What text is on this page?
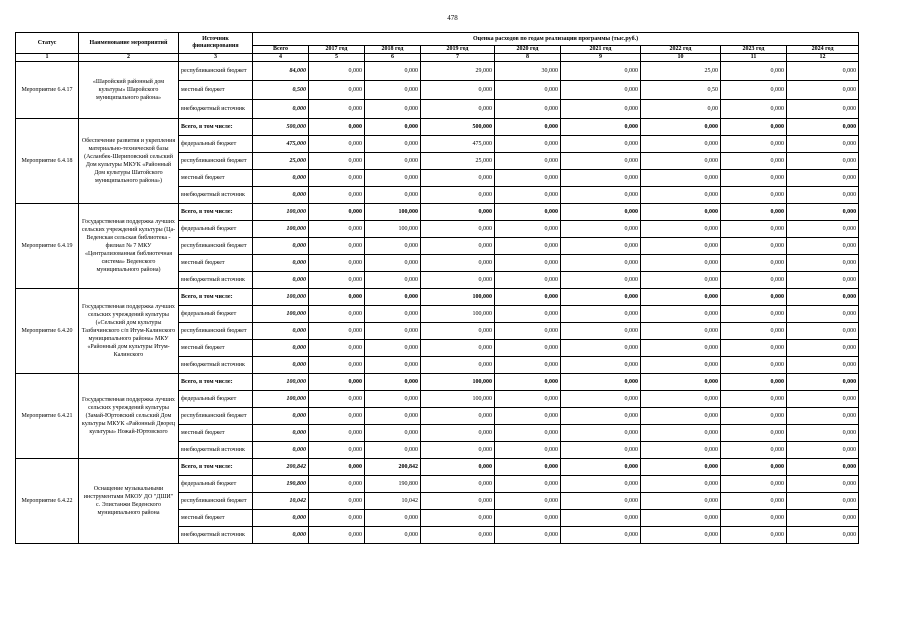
478
Статус	Наименование мероприятий	Источник финансирования	Оценка расходов по годам реализации программы (тыс.руб.)								
			Всего	2017 год	2018 год	2019 год	2020 год	2021 год	2022 год	2023 год	2024 год
1	2	3	4	5	6	7	8	9	10	11	12
Мероприятие 6.4.17	«Шаройский районный дом культуры» Шаройского муниципального района»	республиканский бюджет	84,000	0,000	0,000	29,000	30,000	0,000	25,00	0,000	0,000
		местный бюджет	0,500	0,000	0,000	0,000	0,000	0,000	0,50	0,000	0,000
		внебюджетный источник	0,000	0,000	0,000	0,000	0,000	0,000	0,00	0,000	0,000
Мероприятие 6.4.18	Обеспечение развития и укрепления материально-технической базы (Асланбек-Шериповский сельский Дом культуры МКУК «Районный Дом культуры Шатойского муниципального района»)	Всего, в том числе:	500,000	0,000	0,000	500,000	0,000	0,000	0,000	0,000	0,000
		федеральный бюджет	475,000	0,000	0,000	475,000	0,000	0,000	0,000	0,000	0,000
		республиканский бюджет	25,000	0,000	0,000	25,000	0,000	0,000	0,000	0,000	0,000
		местный бюджет	0,000	0,000	0,000	0,000	0,000	0,000	0,000	0,000	0,000
		внебюджетный источник	0,000	0,000	0,000	0,000	0,000	0,000	0,000	0,000	0,000
Мероприятие 6.4.19	Государственная поддержка лучших сельских учреждений культуры (Ца-Веденская сельская библиотека - филиал № 7 МКУ «Централизованная библиотечная система» Веденского муниципального района)	Всего, в том числе:	100,000	0,000	100,000	0,000	0,000	0,000	0,000	0,000	0,000
		федеральный бюджет	100,000	0,000	100,000	0,000	0,000	0,000	0,000	0,000	0,000
		республиканский бюджет	0,000	0,000	0,000	0,000	0,000	0,000	0,000	0,000	0,000
		местный бюджет	0,000	0,000	0,000	0,000	0,000	0,000	0,000	0,000	0,000
		внебюджетный источник	0,000	0,000	0,000	0,000	0,000	0,000	0,000	0,000	0,000
Мероприятие 6.4.20	Государственная поддержка лучших сельских учреждений культуры («Сельский дом культуры Тазбичинского с/п Итум-Калинского муниципального района» МКУ «Районный дом культуры Итум-Калинского	Всего, в том числе:	100,000	0,000	0,000	100,000	0,000	0,000	0,000	0,000	0,000
		федеральный бюджет	100,000	0,000	0,000	100,000	0,000	0,000	0,000	0,000	0,000
		республиканский бюджет	0,000	0,000	0,000	0,000	0,000	0,000	0,000	0,000	0,000
		местный бюджет	0,000	0,000	0,000	0,000	0,000	0,000	0,000	0,000	0,000
		внебюджетный источник	0,000	0,000	0,000	0,000	0,000	0,000	0,000	0,000	0,000
Мероприятие 6.4.21	Государственная поддержка лучших сельских учреждений культуры (Замай-Юртовский сельский Дом культуры МКУК «Районный Дворец культуры» Ножай-Юртовского	Всего, в том числе:	100,000	0,000	0,000	100,000	0,000	0,000	0,000	0,000	0,000
		федеральный бюджет	100,000	0,000	0,000	100,000	0,000	0,000	0,000	0,000	0,000
		республиканский бюджет	0,000	0,000	0,000	0,000	0,000	0,000	0,000	0,000	0,000
		местный бюджет	0,000	0,000	0,000	0,000	0,000	0,000	0,000	0,000	0,000
		внебюджетный источник	0,000	0,000	0,000	0,000	0,000	0,000	0,000	0,000	0,000
Мероприятие 6.4.22	Оснащение музыкальными инструментами МКОУ ДО "ДШИ" с. Элистанжи Веденского муниципального района	Всего, в том числе:	200,842	0,000	200,842	0,000	0,000	0,000	0,000	0,000	0,000
		федеральный бюджет	190,800	0,000	190,800	0,000	0,000	0,000	0,000	0,000	0,000
		республиканский бюджет	10,042	0,000	10,042	0,000	0,000	0,000	0,000	0,000	0,000
		местный бюджет	0,000	0,000	0,000	0,000	0,000	0,000	0,000	0,000	0,000
		внебюджетный источник	0,000	0,000	0,000	0,000	0,000	0,000	0,000	0,000	0,000
